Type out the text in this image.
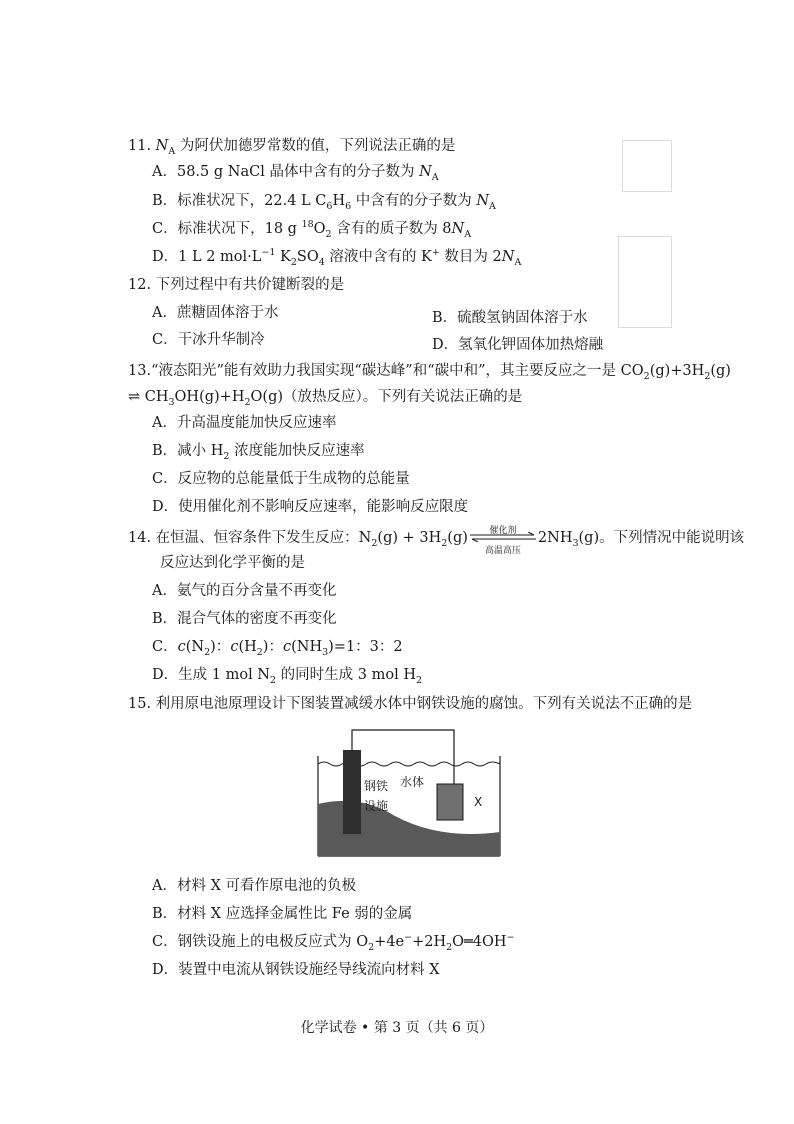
11. $N_A$ 为阿伏加德罗常数的值，下列说法正确的是
A．58.5 g NaCl 晶体中含有的分子数为 $N_A$
B．标准状况下，22.4 L $C_6H_6$ 中含有的分子数为 $N_A$
C．标准状况下，18 g $^{18}O_2$ 含有的质子数为 $8N_A$
D．1 L 2 $mol\cdot L^{-1}$ $K_2SO_4$ 溶液中含有的 K+ 数目为 $2N_A$
12. 下列过程中有共价键断裂的是
A．蔗糖固体溶于水	B．硫酸氢钠固体溶于水
C．干冰升华制冷	D．氢氧化钾固体加热熔融
13.“液态阳光”能有效助力我国实现“碳达峰”和“碳中和”，其主要反应之一是 $CO_2(g)+3H_2(g)$
⇌ $CH_3OH(g)+H_2O(g)$（放热反应）。下列有关说法正确的是
A．升高温度能加快反应速率
B．减小 $H_2$ 浓度能加快反应速率
C．反应物的总能量低于生成物的总能量
D．使用催化剂不影响反应速率，能影响反应限度
14. 在恒温、恒容条件下发生反应：$N_2(g) + 3H_2(g)$	催化剂
高温高压
$2NH_3(g)$。下列情况中能说明该
反应达到化学平衡的是
A．氨气的百分含量不再变化
B．混合气体的密度不再变化
C．$c(N_2)$：$c(H_2)$：$c(NH_3)=1$：3：2
D．生成 1 mol $N_2$ 的同时生成 3 mol $H_2$
15. 利用原电池原理设计下图装置减缓水体中钢铁设施的腐蚀。下列有关说法不正确的是
钢铁
设施
水体
X
A．材料 X 可看作原电池的负极
B．材料 X 应选择金属性比 Fe 弱的金属
C．钢铁设施上的电极反应式为 $O_2+4e^-+2H_2O═4OH^-$
D．装置中电流从钢铁设施经导线流向材料 X
化学试卷 • 第 3 页（共 6 页）
